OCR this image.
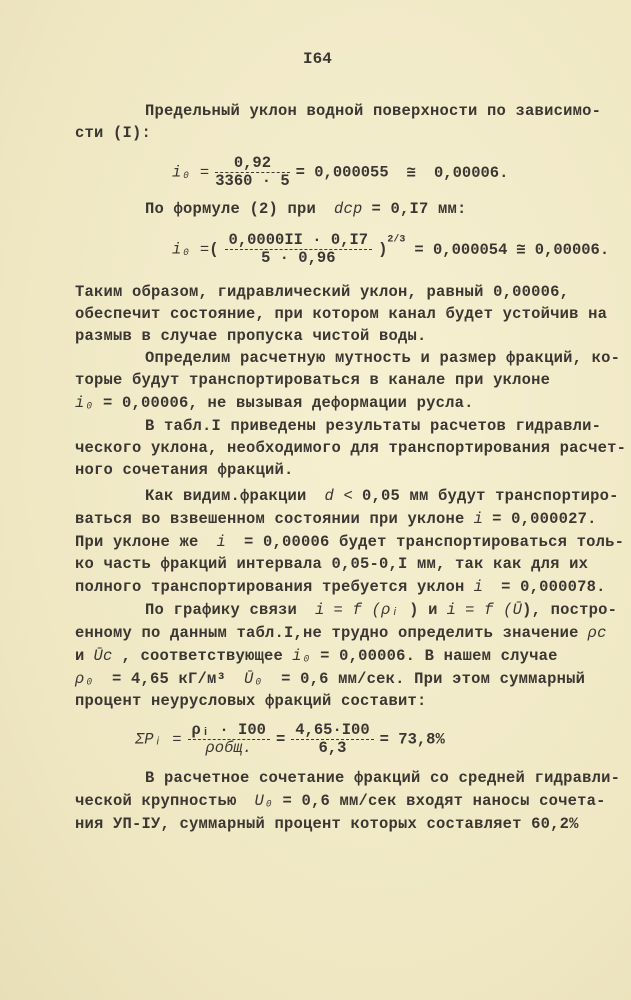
I64
Предельный уклон водной поверхности по зависимо-
сти (I):
$i_0 = \frac{0,92}{3360 \cdot 5} = 0,000055$ ≅ 0,00006.
По формуле (2) при dср = 0,I7 мм:
i₀ =( $\frac{0,0000II \cdot 0,I7}{5 \cdot 0,96} )^{2/3}= 0,000054$ ≅ 0,00006.
Таким образом, гидравлический уклон, равный 0,00006,
обеспечит состояние, при котором канал будет устойчив на
размыв в случае пропуска чистой воды.
Определим расчетную мутность и размер фракций, ко-
торые будут транспортироваться в канале при уклоне
i₀ = 0,00006, не вызывая деформации русла.
В табл.I приведены результаты расчетов гидравли-
ческого уклона, необходимого для транспортирования расчет-
ного сочетания фракций.
Как видим.фракции d < 0,05 мм будут транспортиро-
ваться во взвешенном состоянии при уклоне i = 0,000027.
При уклоне же i = 0,00006 будет транспортироваться толь-
ко часть фракций интервала 0,05-0,I мм, так как для их
полного транспортирования требуется уклон i = 0,000078.
По графику связи i = f (ρᵢ ) и i = f (Ū), постро-
енному по данным табл.I,не трудно определить значение ρc
и Ūc , соответствующее i₀ = 0,00006. В нашем случае
ρ₀ = 4,65 кГ/м³ Ū₀ = 0,6 мм/сек. При этом суммарный
процент неурусловых фракций составит:
ΣPᵢ = $\frac{\text{ρᵢ · I00}}{\text{ρобщ.}} = \frac{4,65\cdot I00}{6,3} = 73,8\%$
В расчетное сочетание фракций со средней гидравли-
ческой крупностью U₀ = 0,6 мм/сек входят наносы сочета-
ния УП-IУ, суммарный процент которых составляет 60,2%
